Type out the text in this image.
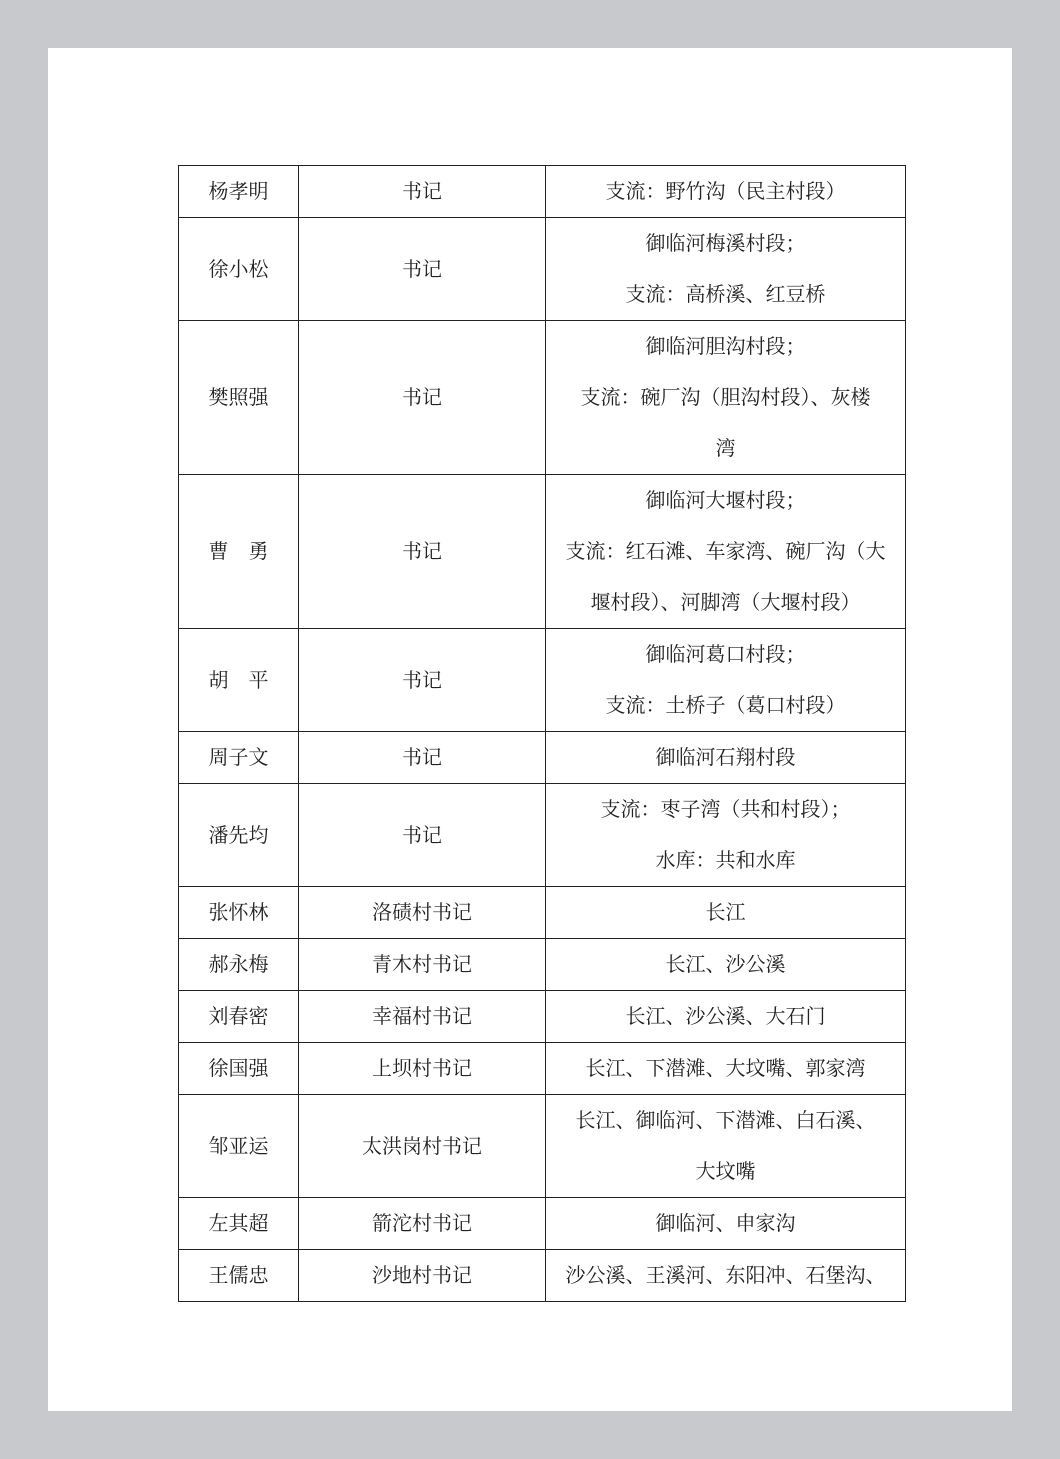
杨孝明	书记	支流：野竹沟（民主村段）

徐小松	书记	御临河梅溪村段；
支流：高桥溪、红豆桥

樊照强	书记	御临河胆沟村段；
支流：碗厂沟（胆沟村段）、灰楼
湾

曹　勇	书记	御临河大堰村段；
支流：红石滩、车家湾、碗厂沟（大
堰村段）、河脚湾（大堰村段）

胡　平	书记	御临河葛口村段；
支流：土桥子（葛口村段）

周子文	书记	御临河石翔村段

潘先均	书记	支流：枣子湾（共和村段）；
水库：共和水库

张怀林	洛碛村书记	长江

郝永梅	青木村书记	长江、沙公溪

刘春密	幸福村书记	长江、沙公溪、大石门

徐国强	上坝村书记	长江、下潜滩、大坟嘴、郭家湾

邹亚运	太洪岗村书记	长江、御临河、下潜滩、白石溪、
大坟嘴

左其超	箭沱村书记	御临河、申家沟

王儒忠	沙地村书记	沙公溪、王溪河、东阳冲、石堡沟、
